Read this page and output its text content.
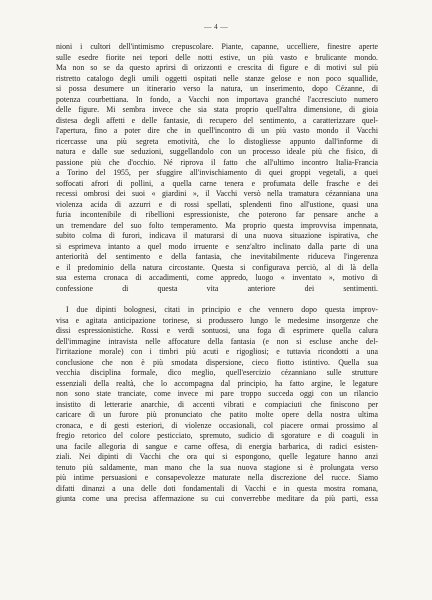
— 4 —
nioni i cultori dell'intimismo crepuscolare. Piante, capanne, uccelliere, finestre aperte
sulle esedre fiorite nei tepori delle notti estive, un più vasto e brulicante mondo.
Ma non so se da questo aprirsi di orizzonti e crescita di figure e di motivi sul più
ristretto catalogo degli umili oggetti ospitati nelle stanze gelose e non poco squallide,
si possa desumere un itinerario verso la natura, un inserimento, dopo Cézanne, di
potenza courbettiana. In fondo, a Vacchi non importava granché l'accresciuto numero
delle figure. Mi sembra invece che sia stata proprio quell'altra dimensione, di gioia
distesa degli affetti e delle fantasie, di recupero del sentimento, a caratterizzare quel-
l'apertura, fino a poter dire che in quell'incontro di un più vasto mondo il Vacchi
ricercasse una più segreta emotività, che lo distogliesse appunto dall'informe di
natura e dalle sue seduzioni, suggellandolo con un processo ideale più che fisico, di
passione più che d'occhio. Né riprova il fatto che all'ultimo incontro Italia-Francia
a Torino del 1955, per sfuggire all'invischiamento di quei groppi vegetali, a quei
soffocati afrori di pollini, a quella carne tenera e profumata delle frasche e dei
recessi ombrosi dei suoi « giardini », il Vacchi versò nella tramatura cézanniana una
violenza acida di azzurri e di rossi spellati, splendenti fino all'ustione, quasi una
furia incontenibile di ribellioni espressioniste, che poterono far pensare anche a
un tremendare del suo folto temperamento. Ma proprio questa improvvisa impennata,
subito colma di furori, indicava il maturarsi di una nuova situazione ispirativa, che
si esprimeva intanto a quel modo irruente e senz'altro inclinato dalla parte di una
anteriorità del sentimento e della fantasia, che inevitabilmente riduceva l'ingerenza
e il predominio della natura circostante. Questa si configurava perciò, al di là della
sua esterna cronaca di accadimenti, come appredo, luogo « inventato », motivo di
confessione di questa vita anteriore dei sentimenti.
I due dipinti bolognesi, citati in principio e che vennero dopo questa improv-
visa e agitata anticipazione torinese, si produssero lungo le medesime insorgenze che
dissi espressionistiche. Rossi e verdi sontuosi, una foga di esprimere quella calura
dell'immagine intravista nelle affocature della fantasia (e non si escluse anche del-
l'irritazione morale) con i timbri più acuti e rigogliosi; e tuttavia ricondotti a una
conclusione che non è più smodata dispersione, cieco fiotto istintivo. Quella sua
vecchia disciplina formale, dico meglio, quell'esercizio cézanniano sulle strutture
essenziali della realtà, che lo accompagna dal principio, ha fatto argine, le legature
non sono state tranciate, come invece mi pare troppo succeda oggi con un rilancio
insistito di letterarie anarchie, di accenti vibrati e compiaciuti che finiscono per
caricare di un furore più pronunciato che patito molte opere della nostra ultima
cronaca, e di gesti esteriori, di violenze occasionali, col piacere ormai prossimo al
fregio retorico del colore pesticciato, spremuto, sudicio di sgorature e di coaguli in
una facile allegoria di sangue e carne offesa, di energia barbarica, di radici esisten-
ziali. Nei dipinti di Vacchi che ora qui si espongono, quelle legature hanno anzi
tenuto più saldamente, man mano che la sua nuova stagione si è prolungata verso
più intime persuasioni e consapevolezze maturate nella discrezione del rucce. Siamo
difatti dinanzi a una delle doti fondamentali di Vacchi e in questa mostra romana,
giunta come una precisa affermazione su cui converrebbe meditare da più parti, essa
